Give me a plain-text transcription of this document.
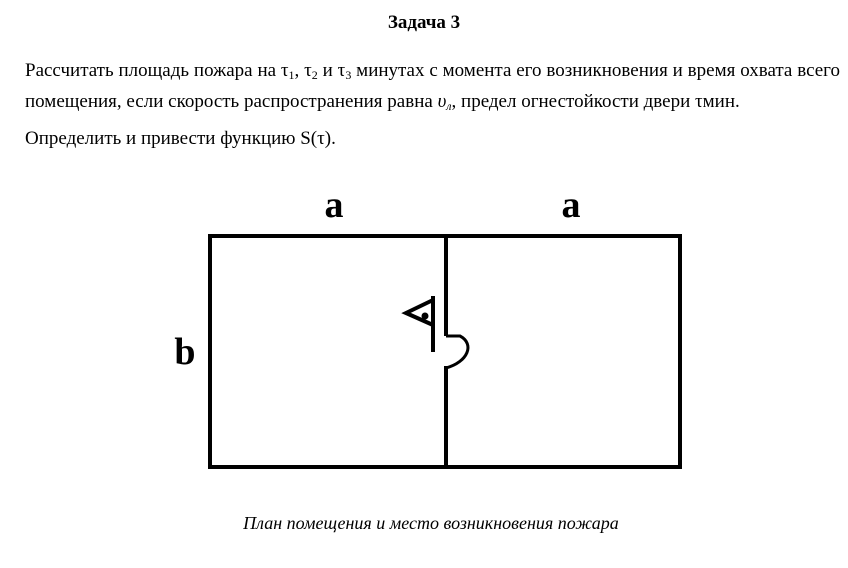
Задача 3

Рассчитать площадь пожара на $\tau_1$, $\tau_2$ и $\tau_3$ минутах с момента его возникновения и время охвата всего помещения, если скорость распространения равна $\upsilon_л$, предел огнестойкости двери τмин.

Определить и привести функцию S(τ).

a	a
b

План помещения и место возникновения пожара
